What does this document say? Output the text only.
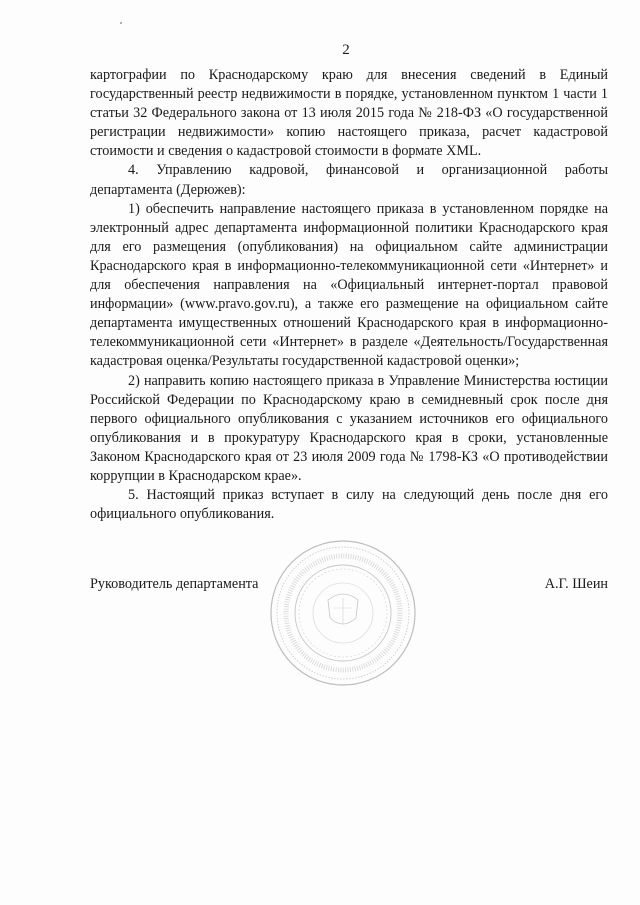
2

картографии по Краснодарскому краю для внесения сведений в Единый государственный реестр недвижимости в порядке, установленном пунктом 1 части 1 статьи 32 Федерального закона от 13 июля 2015 года № 218-ФЗ «О государственной регистрации недвижимости» копию настоящего приказа, расчет кадастровой стоимости и сведения о кадастровой стоимости в формате XML.

4. Управлению кадровой, финансовой и организационной работы департамента (Дерюжев):

1) обеспечить направление настоящего приказа в установленном порядке на электронный адрес департамента информационной политики Краснодарского края для его размещения (опубликования) на официальном сайте администрации Краснодарского края в информационно-телекоммуникационной сети «Интернет» и для обеспечения направления на «Официальный интернет-портал правовой информации» (www.pravo.gov.ru), а также его размещение на официальном сайте департамента имущественных отношений Краснодарского края в информационно-телекоммуникационной сети «Интернет» в разделе «Деятельность/Государственная кадастровая оценка/Результаты государственной кадастровой оценки»;

2) направить копию настоящего приказа в Управление Министерства юстиции Российской Федерации по Краснодарскому краю в семидневный срок после дня первого официального опубликования с указанием источников его официального опубликования и в прокуратуру Краснодарского края в сроки, установленные Законом Краснодарского края от 23 июля 2009 года № 1798-КЗ «О противодействии коррупции в Краснодарском крае».

5. Настоящий приказ вступает в силу на следующий день после дня его официального опубликования.

Руководитель департамента	А.Г. Шеин
